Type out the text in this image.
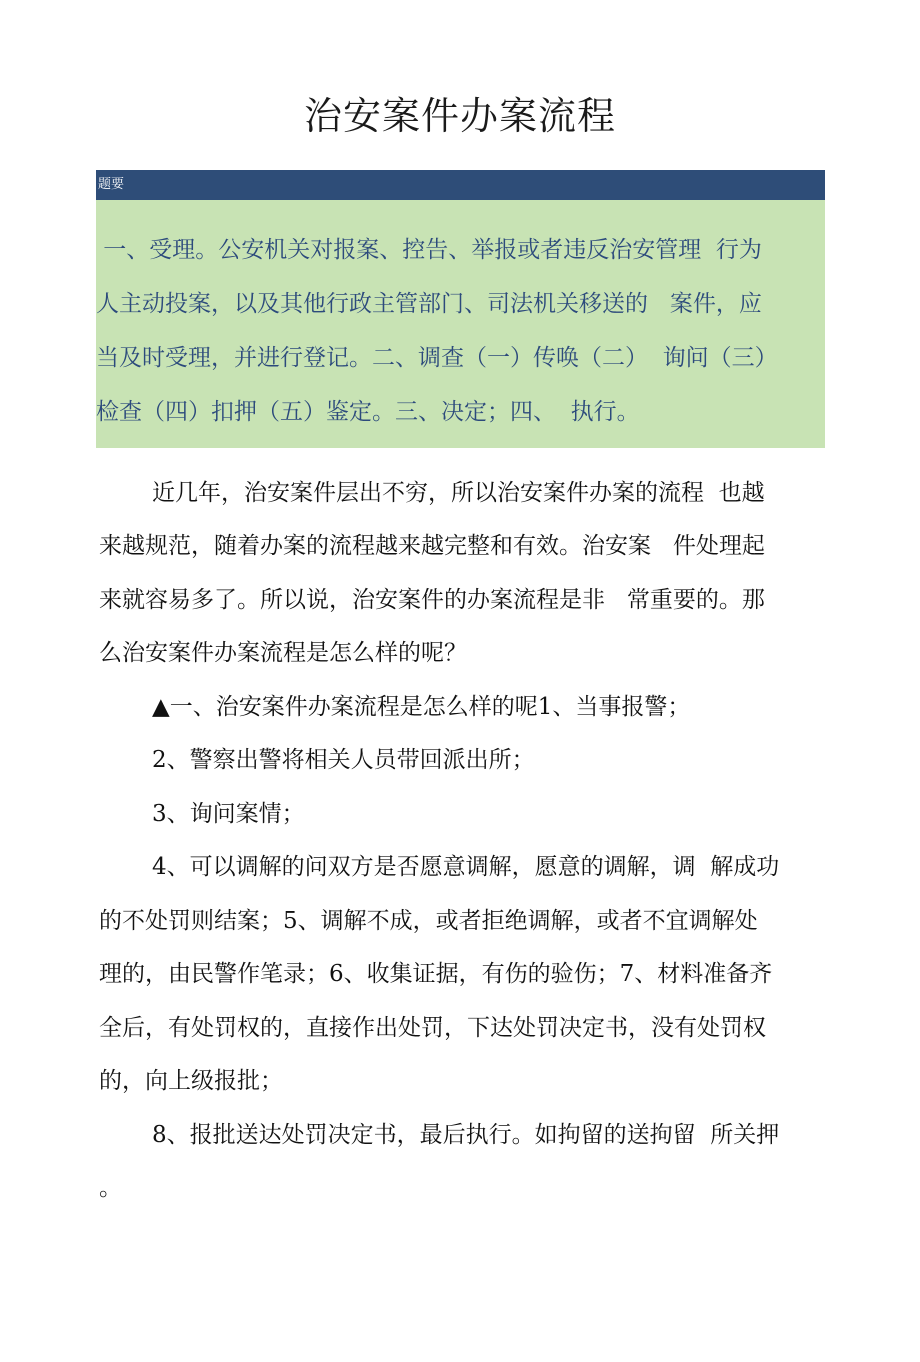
治安案件办案流程
题要
一、受理。公安机关对报案、控告、举报或者违反治安管理  行为
人主动投案，以及其他行政主管部门、司法机关移送的   案件，应
当及时受理，并进行登记。二、调查（一）传唤（二）  询问（三）
检查（四）扣押（五）鉴定。三、决定；四、  执行。
近几年，治安案件层出不穷，所以治安案件办案的流程  也越
来越规范，随着办案的流程越来越完整和有效。治安案   件处理起
来就容易多了。所以说，治安案件的办案流程是非   常重要的。那
么治安案件办案流程是怎么样的呢？
▲一、治安案件办案流程是怎么样的呢1、当事报警；
2、警察出警将相关人员带回派出所；
3、询问案情；
4、可以调解的问双方是否愿意调解，愿意的调解，调  解成功
的不处罚则结案；5、调解不成，或者拒绝调解，或者不宜调解处
理的，由民警作笔录；6、收集证据，有伤的验伤；7、材料准备齐
全后，有处罚权的，直接作出处罚，下达处罚决定书，没有处罚权
的，向上级报批；
8、报批送达处罚决定书，最后执行。如拘留的送拘留  所关押
。
